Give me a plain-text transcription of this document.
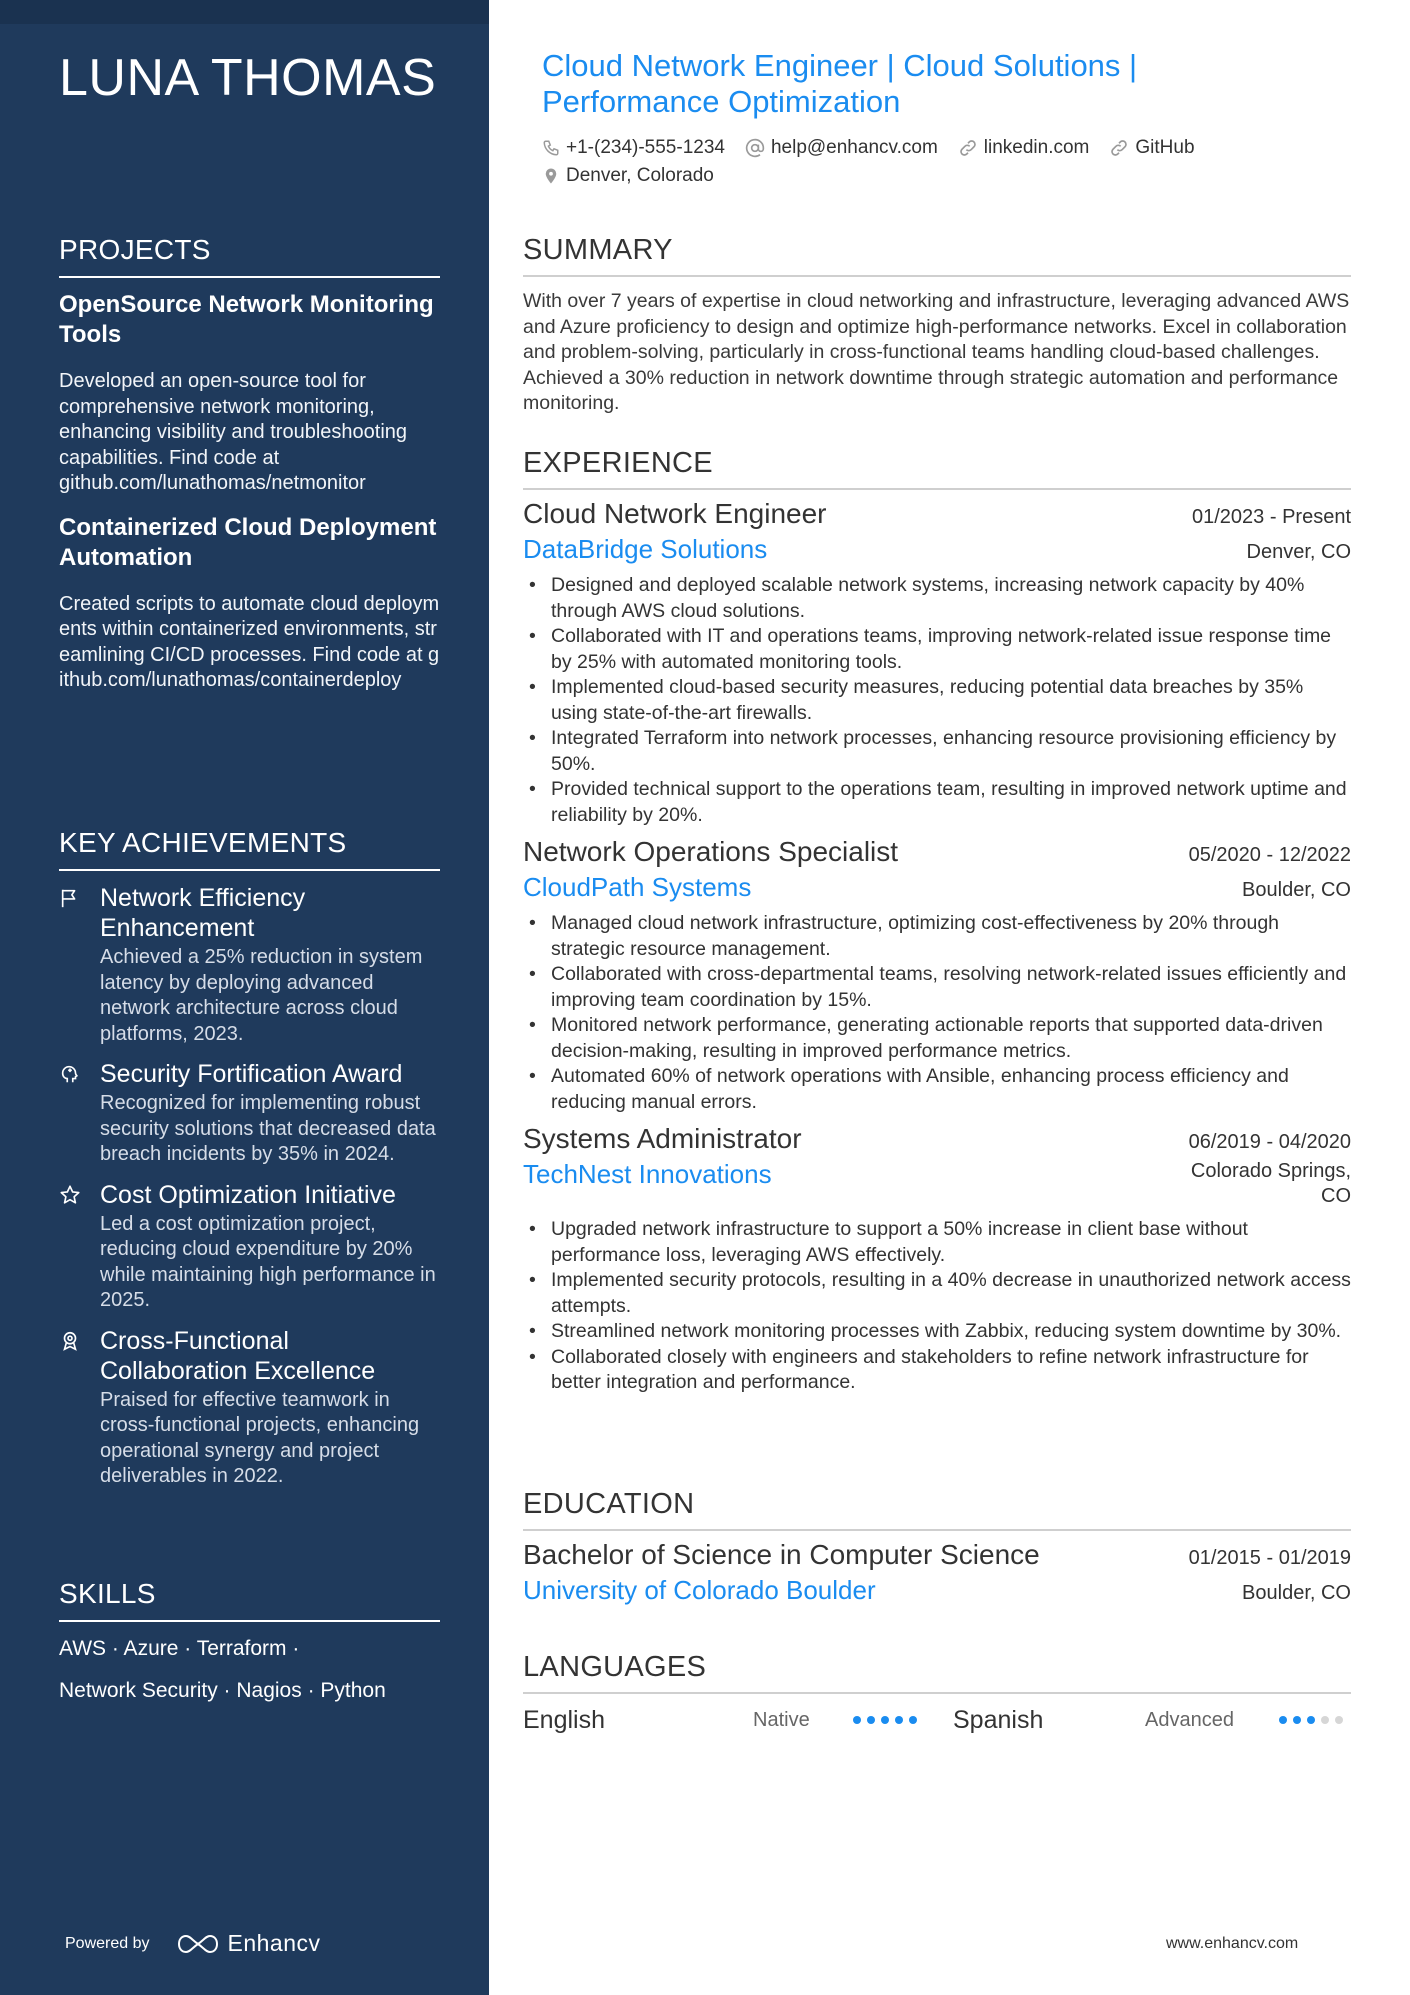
LUNA THOMAS
PROJECTS
OpenSource Network Monitoring Tools
Developed an open-source tool for comprehensive network monitoring, enhancing visibility and troubleshooting capabilities. Find code at github.com/lunathomas/netmonitor
Containerized Cloud Deployment Automation
Created scripts to automate cloud deployments within containerized environments, streamlining CI/CD processes. Find code at github.com/lunathomas/containerdeploy
KEY ACHIEVEMENTS
Network Efficiency Enhancement
Achieved a 25% reduction in system latency by deploying advanced network architecture across cloud platforms, 2023.
Security Fortification Award
Recognized for implementing robust security solutions that decreased data breach incidents by 35% in 2024.
Cost Optimization Initiative
Led a cost optimization project, reducing cloud expenditure by 20% while maintaining high performance in 2025.
Cross-Functional Collaboration Excellence
Praised for effective teamwork in cross-functional projects, enhancing operational synergy and project deliverables in 2022.
SKILLS
AWS · Azure · Terraform ·
Network Security · Nagios · Python
Powered by	Enhancv
Cloud Network Engineer | Cloud Solutions | Performance Optimization
+1-(234)-555-1234 help@enhancv.com linkedin.com GitHub
Denver, Colorado
SUMMARY
With over 7 years of expertise in cloud networking and infrastructure, leveraging advanced AWS and Azure proficiency to design and optimize high-performance networks. Excel in collaboration and problem-solving, particularly in cross-functional teams handling cloud-based challenges. Achieved a 30% reduction in network downtime through strategic automation and performance monitoring.
EXPERIENCE
Cloud Network Engineer	01/2023 - Present
DataBridge Solutions	Denver, CO
• Designed and deployed scalable network systems, increasing network capacity by 40% through AWS cloud solutions.
• Collaborated with IT and operations teams, improving network-related issue response time by 25% with automated monitoring tools.
• Implemented cloud-based security measures, reducing potential data breaches by 35% using state-of-the-art firewalls.
• Integrated Terraform into network processes, enhancing resource provisioning efficiency by 50%.
• Provided technical support to the operations team, resulting in improved network uptime and reliability by 20%.
Network Operations Specialist	05/2020 - 12/2022
CloudPath Systems	Boulder, CO
• Managed cloud network infrastructure, optimizing cost-effectiveness by 20% through strategic resource management.
• Collaborated with cross-departmental teams, resolving network-related issues efficiently and improving team coordination by 15%.
• Monitored network performance, generating actionable reports that supported data-driven decision-making, resulting in improved performance metrics.
• Automated 60% of network operations with Ansible, enhancing process efficiency and reducing manual errors.
Systems Administrator	06/2019 - 04/2020
TechNest Innovations	Colorado Springs, CO
• Upgraded network infrastructure to support a 50% increase in client base without performance loss, leveraging AWS effectively.
• Implemented security protocols, resulting in a 40% decrease in unauthorized network access attempts.
• Streamlined network monitoring processes with Zabbix, reducing system downtime by 30%.
• Collaborated closely with engineers and stakeholders to refine network infrastructure for better integration and performance.
EDUCATION
Bachelor of Science in Computer Science	01/2015 - 01/2019
University of Colorado Boulder	Boulder, CO
LANGUAGES
English	Native	Spanish	Advanced
www.enhancv.com
